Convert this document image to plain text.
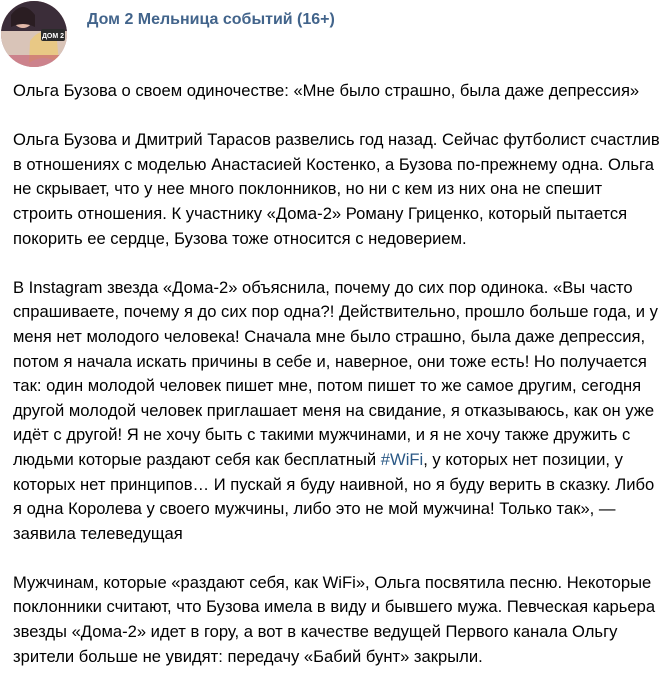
ДОМ 2
Дом 2 Мельница событий (16+)

Ольга Бузова о своем одиночестве: «Мне было страшно, была даже депрессия»

Ольга Бузова и Дмитрий Тарасов развелись год назад. Сейчас футболист счастлив в отношениях с моделью Анастасией Костенко, а Бузова по-прежнему одна. Ольга не скрывает, что у нее много поклонников, но ни с кем из них она не спешит строить отношения. К участнику «Дома-2» Роману Гриценко, который пытается покорить ее сердце, Бузова тоже относится с недоверием.

В Instagram звезда «Дома-2» объяснила, почему до сих пор одинока. «Вы часто спрашиваете, почему я до сих пор одна?! Действительно, прошло больше года, и у меня нет молодого человека! Сначала мне было страшно, была даже депрессия, потом я начала искать причины в себе и, наверное, они тоже есть! Но получается так: один молодой человек пишет мне, потом пишет то же самое другим, сегодня другой молодой человек приглашает меня на свидание, я отказываюсь, как он уже идёт с другой! Я не хочу быть с такими мужчинами, и я не хочу также дружить с людьми которые раздают себя как бесплатный #WiFi, у которых нет позиции, у которых нет принципов… И пускай я буду наивной, но я буду верить в сказку. Либо я одна Королева у своего мужчины, либо это не мой мужчина! Только так», — заявила телеведущая

Мужчинам, которые «раздают себя, как WiFi», Ольга посвятила песню. Некоторые поклонники считают, что Бузова имела в виду и бывшего мужа. Певческая карьера звезды «Дома-2» идет в гору, а вот в качестве ведущей Первого канала Ольгу зрители больше не увидят: передачу «Бабий бунт» закрыли.
